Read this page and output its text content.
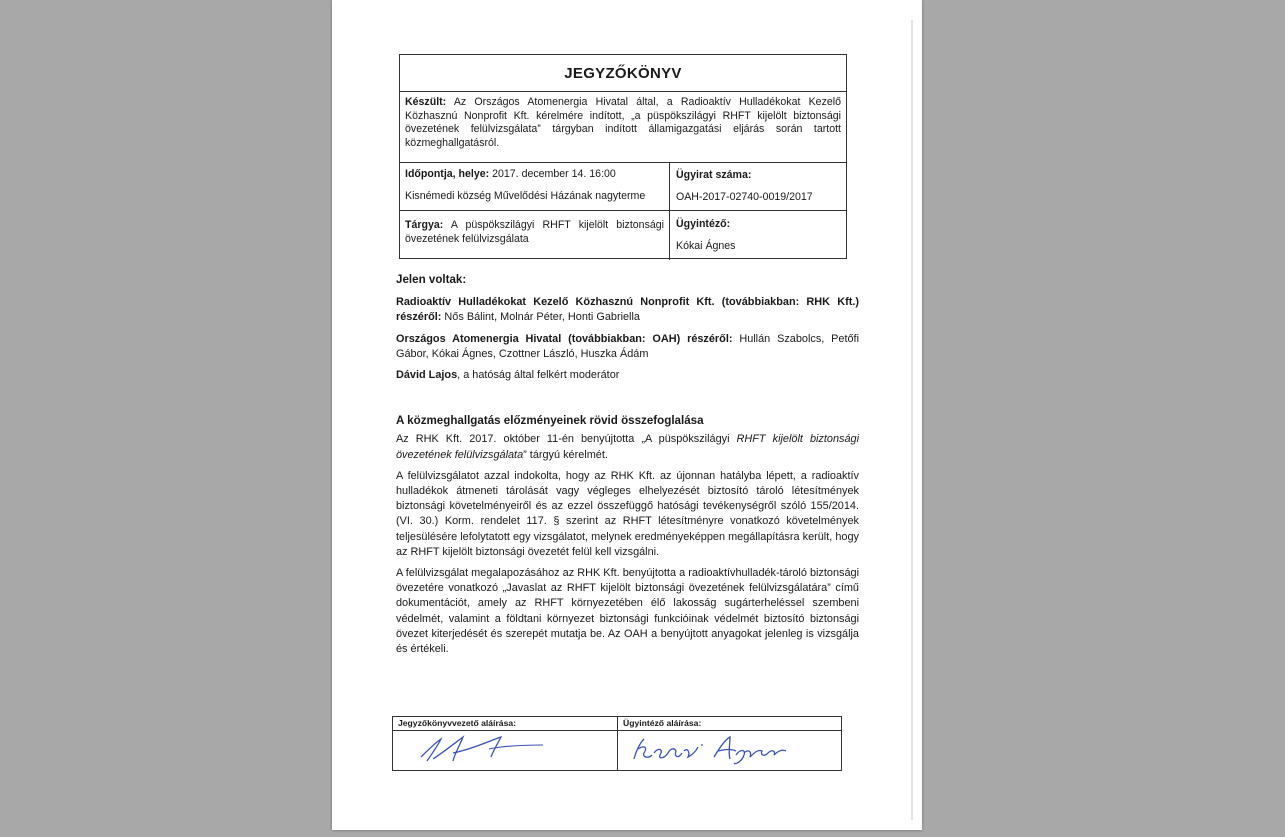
JEGYZŐKÖNYV
Készült: Az Országos Atomenergia Hivatal által, a Radioaktív Hulladékokat Kezelő Közhasznú Nonprofit Kft. kérelmére indított, „a püspökszilágyi RHFT kijelölt biztonsági övezetének felülvizsgálata” tárgyban indított államigazgatási eljárás során tartott közmeghallgatásról.
Időpontja, helye: 2017. december 14. 16:00
Kisnémedi község Művelődési Házának nagyterme
Ügyirat száma:
OAH-2017-02740-0019/2017
Tárgya: A püspökszilágyi RHFT kijelölt biztonsági övezetének felülvizsgálata
Ügyintéző:
Kókai Ágnes
Jelen voltak:

Radioaktív Hulladékokat Kezelő Közhasznú Nonprofit Kft. (továbbiakban: RHK Kft.) részéről: Nős Bálint, Molnár Péter, Honti Gabriella

Országos Atomenergia Hivatal (továbbiakban: OAH) részéről: Hullán Szabolcs, Petőfi Gábor, Kókai Ágnes, Czottner László, Huszka Ádám

Dávid Lajos, a hatóság által felkért moderátor

A közmeghallgatás előzményeinek rövid összefoglalása

Az RHK Kft. 2017. október 11-én benyújtotta „A püspökszilágyi RHFT kijelölt biztonsági övezetének felülvizsgálata” tárgyú kérelmét.

A felülvizsgálatot azzal indokolta, hogy az RHK Kft. az újonnan hatályba lépett, a radioaktív hulladékok átmeneti tárolását vagy végleges elhelyezését biztosító tároló létesítmények biztonsági követelményeiről és az ezzel összefüggő hatósági tevékenységről szóló 155/2014. (VI. 30.) Korm. rendelet 117. § szerint az RHFT létesítményre vonatkozó követelmények teljesülésére lefolytatott egy vizsgálatot, melynek eredményeképpen megállapításra került, hogy az RHFT kijelölt biztonsági övezetét felül kell vizsgálni.

A felülvizsgálat megalapozásához az RHK Kft. benyújtotta a radioaktívhulladék-tároló biztonsági övezetére vonatkozó „Javaslat az RHFT kijelölt biztonsági övezetének felülvizsgálatára” című dokumentációt, amely az RHFT környezetében élő lakosság sugárterheléssel szembeni védelmét, valamint a földtani környezet biztonsági funkcióinak védelmét biztosító biztonsági övezet kiterjedését és szerepét mutatja be. Az OAH a benyújtott anyagokat jelenleg is vizsgálja és értékeli.

Jegyzőkönyvvezető aláírása:	Ügyintéző aláírása:
